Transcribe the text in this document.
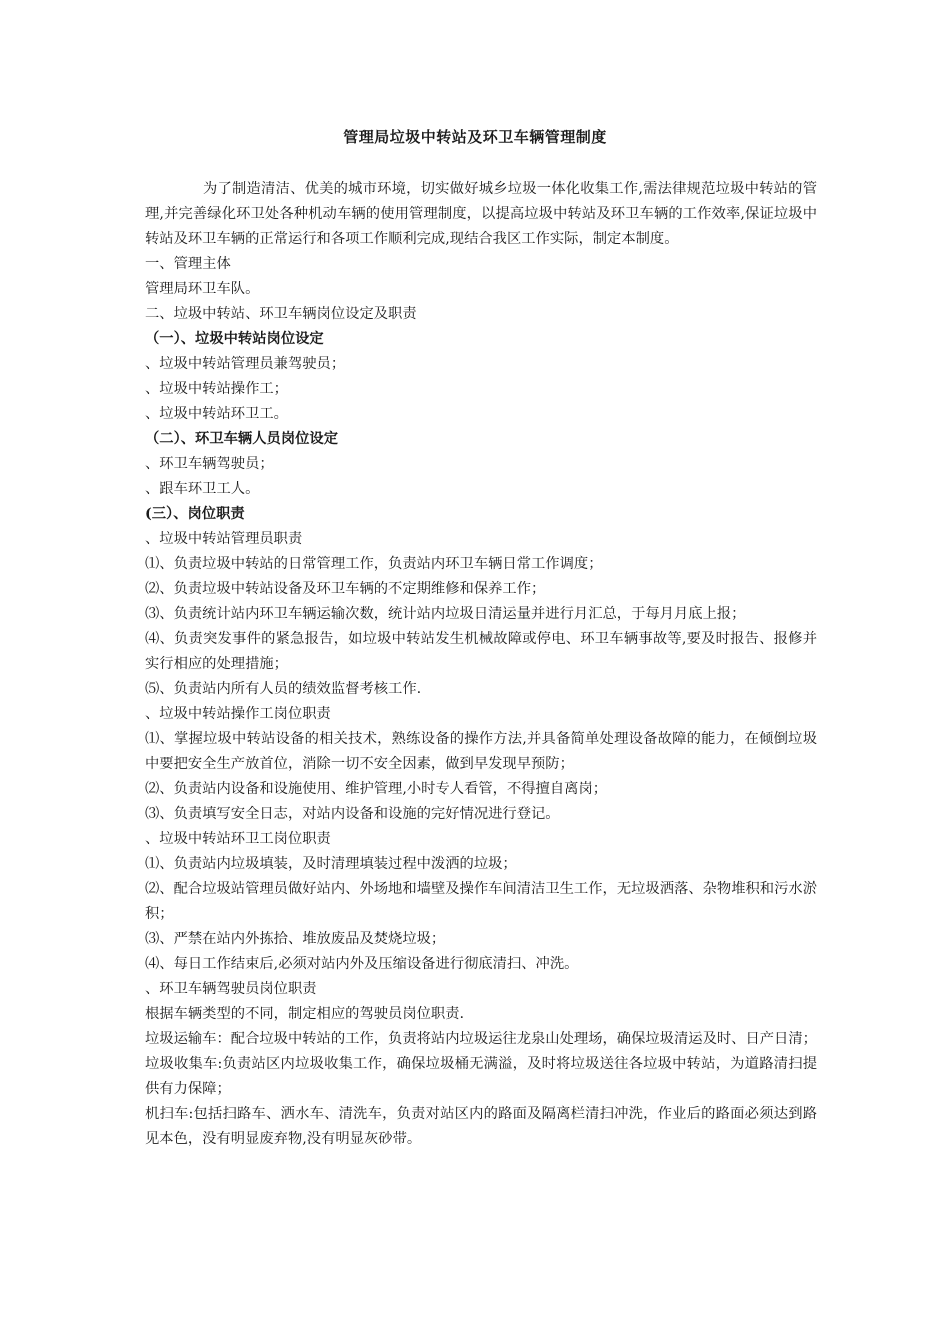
管理局垃圾中转站及环卫车辆管理制度

为了制造清洁、优美的城市环境，切实做好城乡垃圾一体化收集工作,需法律规范垃圾中转站的管理,并完善绿化环卫处各种机动车辆的使用管理制度，以提高垃圾中转站及环卫车辆的工作效率,保证垃圾中转站及环卫车辆的正常运行和各项工作顺利完成,现结合我区工作实际，制定本制度。

一、管理主体

管理局环卫车队。

二、垃圾中转站、环卫车辆岗位设定及职责

（一）、垃圾中转站岗位设定

、垃圾中转站管理员兼驾驶员；

、垃圾中转站操作工；

、垃圾中转站环卫工。

（二）、环卫车辆人员岗位设定

、环卫车辆驾驶员；

、跟车环卫工人。

(三）、岗位职责

、垃圾中转站管理员职责

⑴、负责垃圾中转站的日常管理工作，负责站内环卫车辆日常工作调度；

⑵、负责垃圾中转站设备及环卫车辆的不定期维修和保养工作；

⑶、负责统计站内环卫车辆运输次数，统计站内垃圾日清运量并进行月汇总，于每月月底上报；

⑷、负责突发事件的紧急报告，如垃圾中转站发生机械故障或停电、环卫车辆事故等,要及时报告、报修并实行相应的处理措施；

⑸、负责站内所有人员的绩效监督考核工作.

、垃圾中转站操作工岗位职责

⑴、掌握垃圾中转站设备的相关技术，熟练设备的操作方法,并具备简单处理设备故障的能力，在倾倒垃圾中要把安全生产放首位，消除一切不安全因素，做到早发现早预防；

⑵、负责站内设备和设施使用、维护管理,小时专人看管，不得擅自离岗；

⑶、负责填写安全日志，对站内设备和设施的完好情况进行登记。

、垃圾中转站环卫工岗位职责

⑴、负责站内垃圾填装，及时清理填装过程中泼洒的垃圾；

⑵、配合垃圾站管理员做好站内、外场地和墙壁及操作车间清洁卫生工作，无垃圾洒落、杂物堆积和污水淤积；

⑶、严禁在站内外拣拾、堆放废品及焚烧垃圾；

⑷、每日工作结束后,必须对站内外及压缩设备进行彻底清扫、冲洗。

、环卫车辆驾驶员岗位职责

根据车辆类型的不同，制定相应的驾驶员岗位职责.

垃圾运输车：配合垃圾中转站的工作，负责将站内垃圾运往龙泉山处理场，确保垃圾清运及时、日产日清；

垃圾收集车:负责站区内垃圾收集工作，确保垃圾桶无满溢，及时将垃圾送往各垃圾中转站，为道路清扫提供有力保障；

机扫车:包括扫路车、洒水车、清洗车，负责对站区内的路面及隔离栏清扫冲洗，作业后的路面必须达到路见本色，没有明显废弃物,没有明显灰砂带。
